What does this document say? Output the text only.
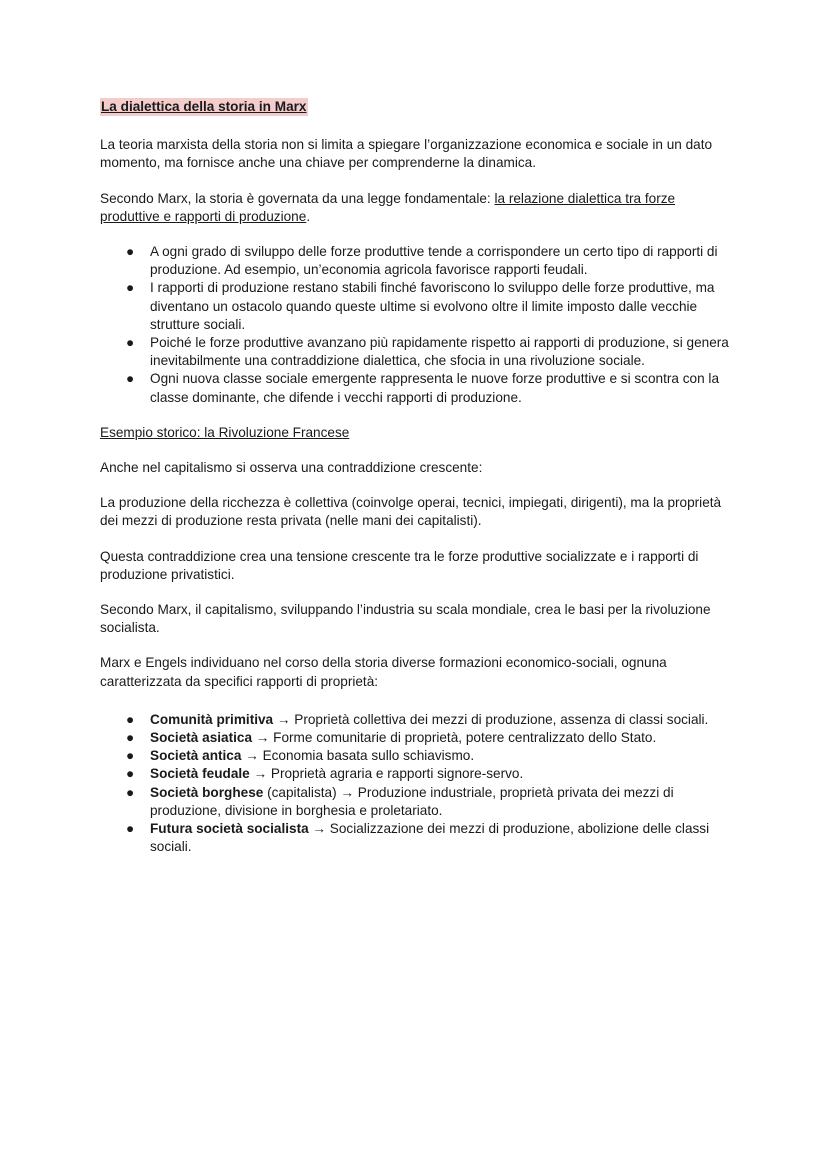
La dialettica della storia in Marx

La teoria marxista della storia non si limita a spiegare l’organizzazione economica e sociale in un dato momento, ma fornisce anche una chiave per comprenderne la dinamica.

Secondo Marx, la storia è governata da una legge fondamentale: la relazione dialettica tra forze produttive e rapporti di produzione.

● A ogni grado di sviluppo delle forze produttive tende a corrispondere un certo tipo di rapporti di produzione. Ad esempio, un’economia agricola favorisce rapporti feudali.
● I rapporti di produzione restano stabili finché favoriscono lo sviluppo delle forze produttive, ma diventano un ostacolo quando queste ultime si evolvono oltre il limite imposto dalle vecchie strutture sociali.
● Poiché le forze produttive avanzano più rapidamente rispetto ai rapporti di produzione, si genera inevitabilmente una contraddizione dialettica, che sfocia in una rivoluzione sociale.
● Ogni nuova classe sociale emergente rappresenta le nuove forze produttive e si scontra con la classe dominante, che difende i vecchi rapporti di produzione.
Esempio storico: la Rivoluzione Francese

Anche nel capitalismo si osserva una contraddizione crescente:

La produzione della ricchezza è collettiva (coinvolge operai, tecnici, impiegati, dirigenti), ma la proprietà dei mezzi di produzione resta privata (nelle mani dei capitalisti).

Questa contraddizione crea una tensione crescente tra le forze produttive socializzate e i rapporti di produzione privatistici.

Secondo Marx, il capitalismo, sviluppando l’industria su scala mondiale, crea le basi per la rivoluzione socialista.

Marx e Engels individuano nel corso della storia diverse formazioni economico-sociali, ognuna caratterizzata da specifici rapporti di proprietà:

● Comunità primitiva → Proprietà collettiva dei mezzi di produzione, assenza di classi sociali.
● Società asiatica → Forme comunitarie di proprietà, potere centralizzato dello Stato.
● Società antica → Economia basata sullo schiavismo.
● Società feudale → Proprietà agraria e rapporti signore-servo.
● Società borghese (capitalista) → Produzione industriale, proprietà privata dei mezzi di produzione, divisione in borghesia e proletariato.
● Futura società socialista → Socializzazione dei mezzi di produzione, abolizione delle classi sociali.
